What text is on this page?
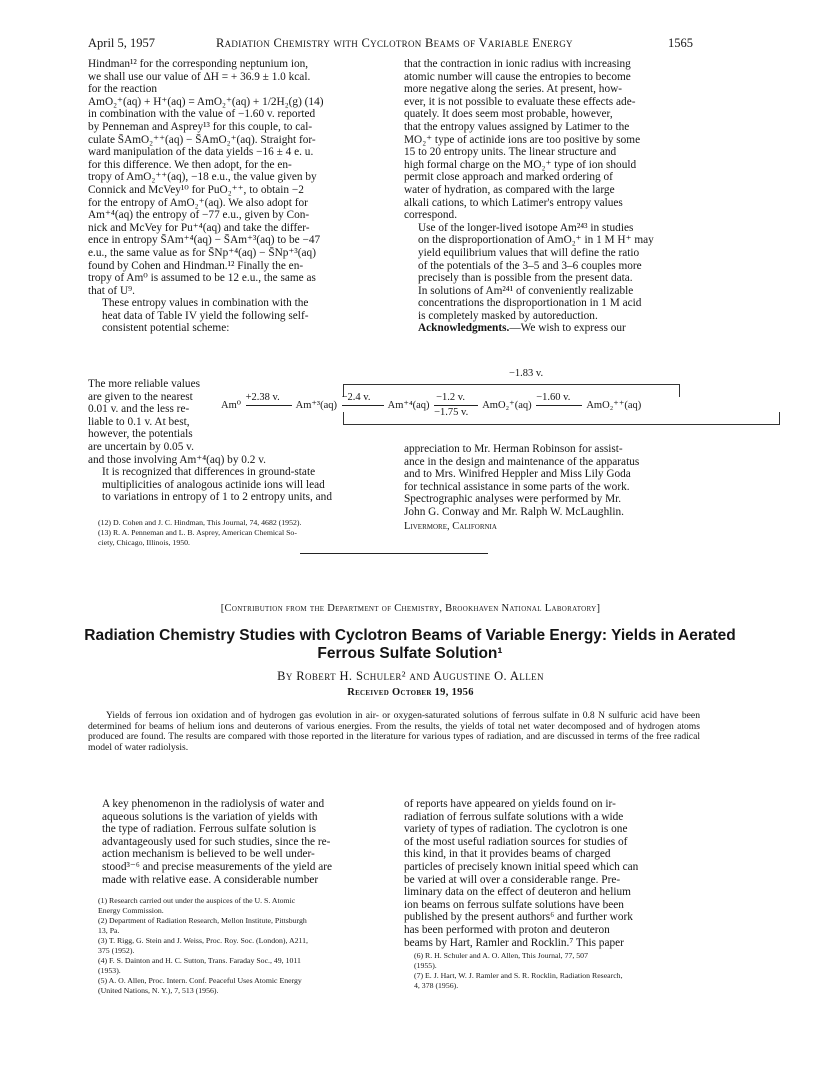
April 5, 1957	Radiation Chemistry with Cyclotron Beams of Variable Energy	1565
Hindman¹² for the corresponding neptunium ion,
we shall use our value of ΔH = + 36.9 ± 1.0 kcal.
for the reaction
AmO₂⁺(aq) + H⁺(aq) = AmO₂⁺(aq) + 1/2H₂(g) (14)
in combination with the value of −1.60 v. reported
by Penneman and Asprey¹³ for this couple, to cal-
culate S̄AmO₂⁺⁺(aq) − S̄AmO₂⁺(aq). Straight for-
ward manipulation of the data yields −16 ± 4 e. u.
for this difference. We then adopt, for the en-
tropy of AmO₂⁺⁺(aq), −18 e.u., the value given by
Connick and McVey¹⁰ for PuO₂⁺⁺, to obtain −2
for the entropy of AmO₂⁺(aq). We also adopt for
Am⁺⁴(aq) the entropy of −77 e.u., given by Con-
nick and McVey for Pu⁺⁴(aq) and take the differ-
ence in entropy S̄Am⁺⁴(aq) − S̄Am⁺³(aq) to be −47
e.u., the same value as for S̄Np⁺⁴(aq) − S̄Np⁺³(aq)
found by Cohen and Hindman.¹² Finally the en-
tropy of Am⁰ is assumed to be 12 e.u., the same as
that of U⁹.
These entropy values in combination with the
heat data of Table IV yield the following self-
consistent potential scheme:
The more reliable values
are given to the nearest
0.01 v. and the less re-
liable to 0.1 v. At best,
however, the potentials
are uncertain by 0.05 v.
and those involving Am⁺⁴(aq) by 0.2 v.
It is recognized that differences in ground-state
multiplicities of analogous actinide ions will lead
to variations in entropy of 1 to 2 entropy units, and
(12) D. Cohen and J. C. Hindman, This Journal, 74, 4682 (1952).
(13) R. A. Penneman and L. B. Asprey, American Chemical So-
ciety, Chicago, Illinois, 1950.
that the contraction in ionic radius with increasing
atomic number will cause the entropies to become
more negative along the series. At present, how-
ever, it is not possible to evaluate these effects ade-
quately. It does seem most probable, however,
that the entropy values assigned by Latimer to the
MO₂⁺ type of actinide ions are too positive by some
15 to 20 entropy units. The linear structure and
high formal charge on the MO₂⁺ type of ion should
permit close approach and marked ordering of
water of hydration, as compared with the large
alkali cations, to which Latimer's entropy values
correspond.
Use of the longer-lived isotope Am²⁴³ in studies
on the disproportionation of AmO₂⁺ in 1 M H⁺ may
yield equilibrium values that will define the ratio
of the potentials of the 3–5 and 3–6 couples more
precisely than is possible from the present data.
In solutions of Am²⁴¹ of conveniently realizable
concentrations the disproportionation in 1 M acid
is completely masked by autoreduction.

Acknowledgments.—We wish to express our

appreciation to Mr. Herman Robinson for assist-
ance in the design and maintenance of the apparatus
and to Mrs. Winifred Heppler and Miss Lily Goda
for technical assistance in some parts of the work.
Spectrographic analyses were performed by Mr.
John G. Conway and Mr. Ralph W. McLaughlin.
Livermore, California
−1.83 v.
Am⁰
+2.38 v.
Am⁺³(aq)
−2.4 v.
Am⁺⁴(aq)
−1.2 v.
−1.75 v.
AmO₂⁺(aq)
−1.60 v.
AmO₂⁺⁺(aq)
[Contribution from the Department of Chemistry, Brookhaven National Laboratory]
Radiation Chemistry Studies with Cyclotron Beams of Variable Energy: Yields in Aerated Ferrous Sulfate Solution¹
By Robert H. Schuler² and Augustine O. Allen
Received October 19, 1956

Yields of ferrous ion oxidation and of hydrogen gas evolution in air- or oxygen-saturated solutions of ferrous sulfate in 0.8 N sulfuric acid have been determined for beams of helium ions and deuterons of various energies. From the results, the yields of total net water decomposed and of hydrogen atoms produced are found. The results are compared with those reported in the literature for various types of radiation, and are discussed in terms of the free radical model of water radiolysis.

A key phenomenon in the radiolysis of water and
aqueous solutions is the variation of yields with
the type of radiation. Ferrous sulfate solution is
advantageously used for such studies, since the re-
action mechanism is believed to be well under-
stood³⁻⁶ and precise measurements of the yield are
made with relative ease. A considerable number
(1) Research carried out under the auspices of the U. S. Atomic
Energy Commission.
(2) Department of Radiation Research, Mellon Institute, Pittsburgh
13, Pa.
(3) T. Rigg, G. Stein and J. Weiss, Proc. Roy. Soc. (London), A211,
375 (1952).
(4) F. S. Dainton and H. C. Sutton, Trans. Faraday Soc., 49, 1011
(1953).
(5) A. O. Allen, Proc. Intern. Conf. Peaceful Uses Atomic Energy
(United Nations, N. Y.), 7, 513 (1956).
of reports have appeared on yields found on ir-
radiation of ferrous sulfate solutions with a wide
variety of types of radiation. The cyclotron is one
of the most useful radiation sources for studies of
this kind, in that it provides beams of charged
particles of precisely known initial speed which can
be varied at will over a considerable range. Pre-
liminary data on the effect of deuteron and helium
ion beams on ferrous sulfate solutions have been
published by the present authors⁶ and further work
has been performed with proton and deuteron
beams by Hart, Ramler and Rocklin.⁷ This paper
(6) R. H. Schuler and A. O. Allen, This Journal, 77, 507
(1955).
(7) E. J. Hart, W. J. Ramler and S. R. Rocklin, Radiation Research,
4, 378 (1956).
